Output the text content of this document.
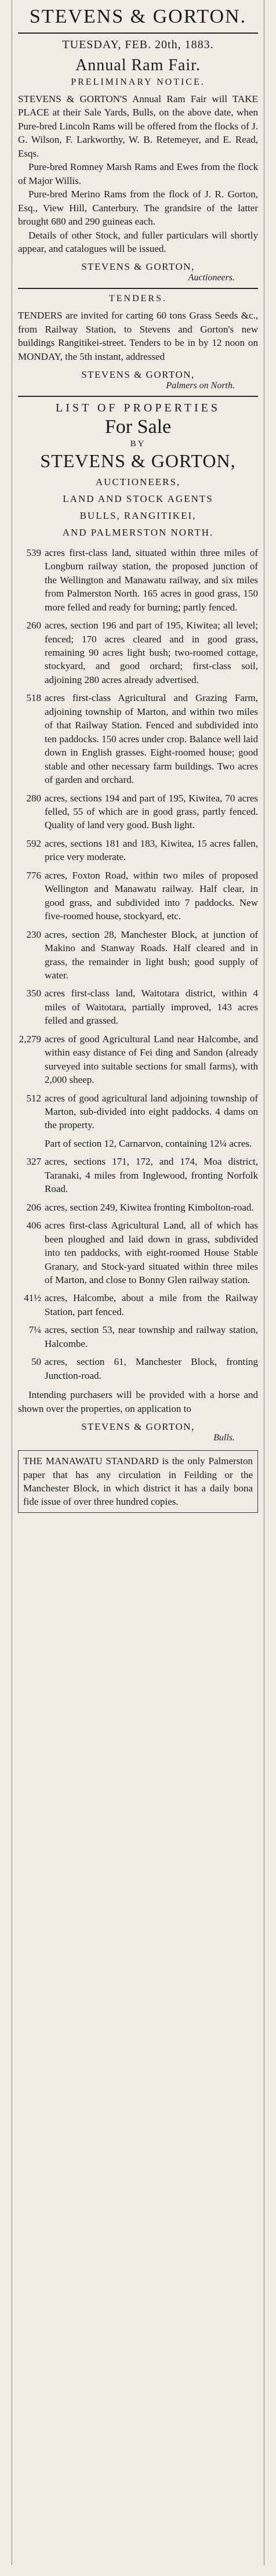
STEVENS & GORTON.
TUESDAY, FEB. 20th, 1883.
Annual Ram Fair.
PRELIMINARY NOTICE.

STEVENS & GORTON'S Annual Ram Fair will TAKE PLACE at their Sale Yards, Bulls, on the above date, when Pure-bred Lincoln Rams will be offered from the flocks of J. G. Wilson, F. Larkworthy, W. B. Retemeyer, and E. Read, Esqs.

Pure-bred Romney Marsh Rams and Ewes from the flock of Major Willis.

Pure-bred Merino Rams from the flock of J. R. Gorton, Esq., View Hill, Canterbury. The grandsire of the latter brought 680 and 290 guineas each.

Details of other Stock, and fuller particulars will shortly appear, and catalogues will be issued.

STEVENS & GORTON,
Auctioneers.
TENDERS.

TENDERS are invited for carting 60 tons Grass Seeds &c., from Railway Station, to Stevens and Gorton's new buildings Rangitikei-street. Tenders to be in by 12 noon on MONDAY, the 5th instant, addressed

STEVENS & GORTON,
Palmers on North.
LIST OF PROPERTIES
For Sale
BY
STEVENS & GORTON,
AUCTIONEERS,
LAND AND STOCK AGENTS
BULLS, RANGITIKEI,
AND PALMERSTON NORTH.
539 acres first-class land, situated within three miles of Longburn railway station, the proposed junction of the Wellington and Manawatu railway, and six miles from Palmerston North. 165 acres in good grass, 150 more felled and ready for burning; partly fenced.
260 acres, section 196 and part of 195, Kiwitea; all level; fenced; 170 acres cleared and in good grass, remaining 90 acres light bush; two-roomed cottage, stockyard, and good orchard; first-class soil, adjoining 280 acres already advertised.
518 acres first-class Agricultural and Grazing Farm, adjoining township of Marton, and within two miles of that Railway Station. Fenced and subdivided into ten paddocks. 150 acres under crop. Balance well laid down in English grasses. Eight-roomed house; good stable and other necessary farm buildings. Two acres of garden and orchard.
280 acres, sections 194 and part of 195, Kiwitea, 70 acres felled, 55 of which are in good grass, partly fenced. Quality of land very good. Bush light.
592 acres, sections 181 and 183, Kiwitea, 15 acres fallen, price very moderate.
776 acres, Foxton Road, within two miles of proposed Wellington and Manawatu railway. Half clear, in good grass, and subdivided into 7 paddocks. New five-roomed house, stockyard, etc.
230 acres, section 28, Manchester Block, at junction of Makino and Stanway Roads. Half cleared and in grass, the remainder in light bush; good supply of water.
350 acres first-class land, Waitotara district, within 4 miles of Waitotara, partially improved, 143 acres felled and grassed.
2,279 acres of good Agricultural Land near Halcombe, and within easy distance of Fei ding and Sandon (already surveyed into suitable sections for small farms), with 2,000 sheep.
512 acres of good agricultural land adjoining township of Marton, sub-divided into eight paddocks. 4 dams on the property.
Part of section 12, Carnarvon, containing 12¼ acres.
327 acres, sections 171, 172, and 174, Moa district, Taranaki, 4 miles from Inglewood, fronting Norfolk Road.
206 acres, section 249, Kiwitea fronting Kimbolton-road.
406 acres first-class Agricultural Land, all of which has been ploughed and laid down in grass, subdivided into ten paddocks, with eight-roomed House Stable Granary, and Stock-yard situated within three miles of Marton, and close to Bonny Glen railway station.
41½ acres, Halcombe, about a mile from the Railway Station, part fenced.
7¼ acres, section 53, near township and railway station, Halcombe.
50 acres, section 61, Manchester Block, fronting Junction-road.

Intending purchasers will be provided with a horse and shown over the properties, on application to

STEVENS & GORTON,
Bulls.

THE MANAWATU STANDARD is the only Palmerston paper that has any circulation in Feilding or the Manchester Block, in which district it has a daily bona fide issue of over three hundred copies.
